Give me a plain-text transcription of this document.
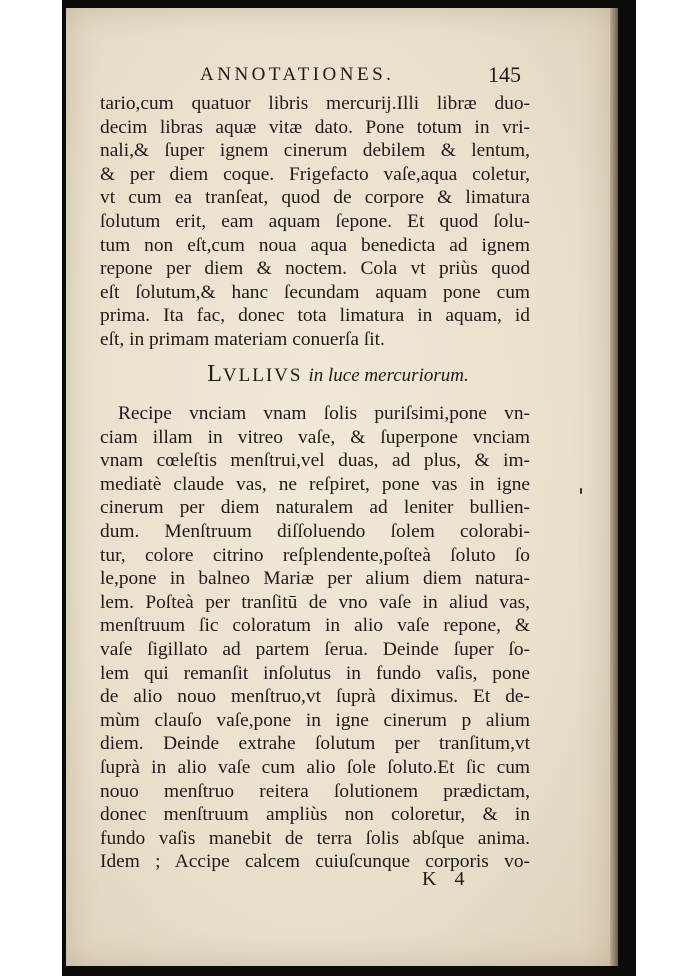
ANNOTATIONES.	145
tario,cum quatuor libris mercurij.Illi libræ duo-
decim libras aquæ vitæ dato. Pone totum in vri-
nali,& ſuper ignem cinerum debilem & lentum,
& per diem coque. Frigefacto vaſe,aqua coletur,
vt cum ea tranſeat, quod de corpore & limatura
ſolutum erit, eam aquam ſepone. Et quod ſolu-
tum non eſt,cum noua aqua benedicta ad ignem
repone per diem & noctem. Cola vt priùs quod
eſt ſolutum,& hanc ſecundam aquam pone cum
prima. Ita fac, donec tota limatura in aquam, id
eſt, in primam materiam conuerſa ſit.
LVLLIVS in luce mercuriorum.
Recipe vnciam vnam ſolis puriſsimi,pone vn-
ciam illam in vitreo vaſe, & ſuperpone vnciam
vnam cœleſtis menſtrui,vel duas, ad plus, & im-
mediatè claude vas, ne reſpiret, pone vas in igne
cinerum per diem naturalem ad leniter bullien-
dum. Menſtruum diſſoluendo ſolem colorabi-
tur, colore citrino reſplendente,poſteà ſoluto ſo
le,pone in balneo Mariæ per alium diem natura-
lem. Poſteà per tranſitū de vno vaſe in aliud vas,
menſtruum ſic coloratum in alio vaſe repone, &
vaſe ſigillato ad partem ſerua. Deinde ſuper ſo-
lem qui remanſit inſolutus in fundo vaſis, pone
de alio nouo menſtruo,vt ſuprà diximus. Et de-
mùm clauſo vaſe,pone in igne cinerum p alium
diem. Deinde extrahe ſolutum per tranſitum,vt
ſuprà in alio vaſe cum alio ſole ſoluto.Et ſic cum
nouo menſtruo reitera ſolutionem prædictam,
donec menſtruum ampliùs non coloretur, & in
fundo vaſis manebit de terra ſolis abſque anima.
Idem ; Accipe calcem cuiuſcunque corporis vo-
K 4
